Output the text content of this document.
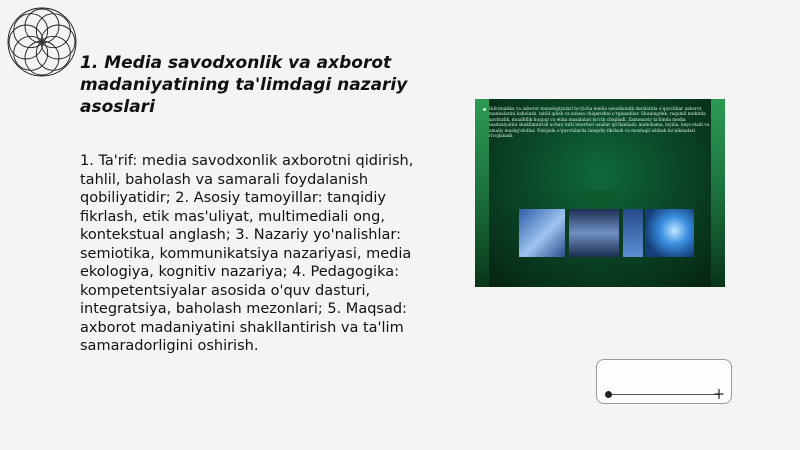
1. Media savodxonlik va axborot madaniyatining ta'limdagi nazariy asoslari
1. Ta'rif: media savodxonlik axborotni qidirish, tahlil, baholash va samarali foydalanish qobiliyatidir; 2. Asosiy tamoyillar: tanqidiy fikrlash, etik mas'uliyat, multimediali ong, kontekstual anglash; 3. Nazariy yo'nalishlar: semiotika, kommunikatsiya nazariyasi, media ekologiya, kognitiv nazariya; 4. Pedagogika: kompetentsiyalar asosida o'quv dasturi, integratsiya, baholash mezonlari; 5. Maqsad: axborot madaniyatini shakllantirish va ta'lim samaradorligini oshirish.

Informatika va axborot texnologiyalari bo'yicha media savodxonlik darslarida o'quvchilar axborot manbalarini baholash, tahlil qilish va xulosa chiqarishni o'rganadilar. Shuningdek, raqamli muhitda xavfsizlik, mualliflik huquqi va etika masalalari ko'rib chiqiladi. Zamonaviy ta'limda media madaniyatini shakllantirish uchun turli interfaol usullar qo'llaniladi: muhokama, loyiha, keys-stadi va amaliy mashg'ulotlar. Natijada o'quvchilarda tanqidiy fikrlash va mustaqil ishlash ko'nikmalari rivojlanadi.
